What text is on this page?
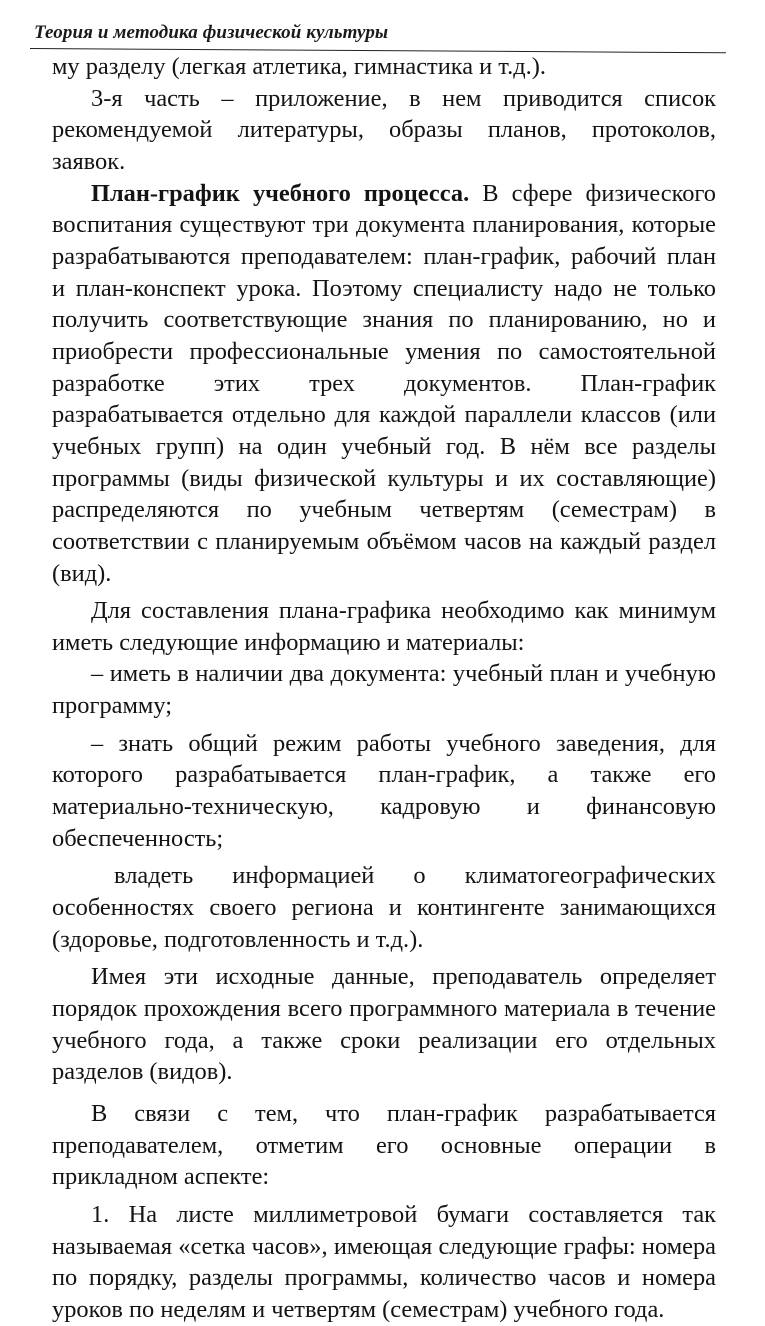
Теория и методика физической культуры

му разделу (легкая атлетика, гимнастика и т.д.).

3-я часть – приложение, в нем приводится список рекомендуемой литературы, образы планов, протоколов, заявок.

План-график учебного процесса. В сфере физического воспитания существуют три документа планирования, которые разрабатываются преподавателем: план-график, рабочий план и план-конспект урока. Поэтому специалисту надо не только получить соответствующие знания по планированию, но и приобрести профессиональные умения по самостоятельной разработке этих трех документов. План-график разрабатывается отдельно для каждой параллели классов (или учебных групп) на один учебный год. В нём все разделы программы (виды физической культуры и их составляющие) распределяются по учебным четвертям (семестрам) в соответствии с планируемым объёмом часов на каждый раздел (вид).

Для составления плана-графика необходимо как минимум иметь следующие информацию и материалы:

– иметь в наличии два документа: учебный план и учебную программу;

– знать общий режим работы учебного заведения, для которого разрабатывается план-график, а также его материально-техническую, кадровую и финансовую обеспеченность;

владеть информацией о климатогеографических особенностях своего региона и контингенте занимающихся (здоровье, подготовленность и т.д.).

Имея эти исходные данные, преподаватель определяет порядок прохождения всего программного материала в течение учебного года, а также сроки реализации его отдельных разделов (видов).

В связи с тем, что план-график разрабатывается преподавателем, отметим его основные операции в прикладном аспекте:

1. На листе миллиметровой бумаги составляется так называемая «сетка часов», имеющая следующие графы: номера по порядку, разделы программы, количество часов и номера уроков по неделям и четвертям (семестрам) учебного года.
